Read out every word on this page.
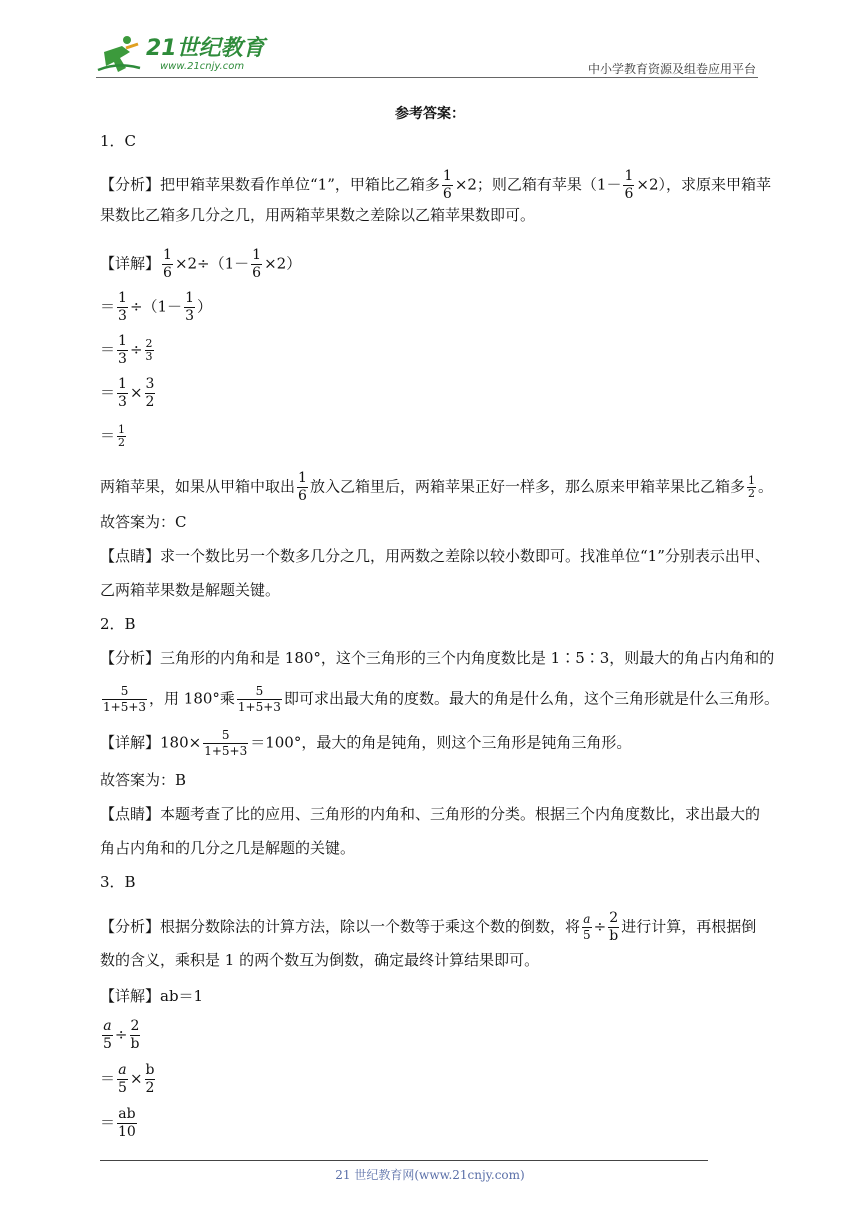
21世纪教育
www.21cnjy.com	中小学教育资源及组卷应用平台
参考答案：
1．C
【分析】把甲箱苹果数看作单位“1”，甲箱比乙箱多 $\frac{1}{6} \times 2$；则乙箱有苹果$(1- \frac{1}{6} \times 2)$，求原来甲箱苹
果数比乙箱多几分之几，用两箱苹果数之差除以乙箱苹果数即可。
【详解】 $\frac{1}{6} \times 2\div(1- \frac{1}{6} \times 2)$
＝ $\frac{1}{3} \div(1- \frac{1}{3}$ ）
＝ $\frac{1}{3} \div \frac{2}{3}$
＝ $\frac{1}{3} \times \frac{3}{2}$
＝ $\frac{1}{2}$
两箱苹果，如果从甲箱中取出 $\frac{1}{6}$ 放入乙箱里后，两箱苹果正好一样多，那么原来甲箱苹果比乙箱多 $\frac{1}{2}$ 。
故答案为：C
【点睛】求一个数比另一个数多几分之几，用两数之差除以较小数即可。找准单位“1”分别表示出甲、
乙两箱苹果数是解题关键。
2．B
【分析】三角形的内角和是 180°，这个三角形的三个内角度数比是 1∶5∶3，则最大的角占内角和的
$\frac{5}{1+5+3}$ ，用 180°乘 $\frac{5}{1+5+3}$ 即可求出最大角的度数。最大的角是什么角，这个三角形就是什么三角形。
【详解】$180\times \frac{5}{1+5+3} =100^\circ$，最大的角是钝角，则这个三角形是钝角三角形。
故答案为：B
【点睛】本题考查了比的应用、三角形的内角和、三角形的分类。根据三个内角度数比，求出最大的
角占内角和的几分之几是解题的关键。
3．B
【分析】根据分数除法的计算方法，除以一个数等于乘这个数的倒数，将 $\frac{a}{5} \div \frac{2}{b}$ 进行计算，再根据倒
数的含义，乘积是 1 的两个数互为倒数，确定最终计算结果即可。
【详解】ab＝1
$\frac{a}{5} \div \frac{2}{b}$
＝ $\frac{a}{5} \times \frac{b}{2}$
＝ $\frac{ab}{10}$
21 世纪教育网(www.21cnjy.com)
